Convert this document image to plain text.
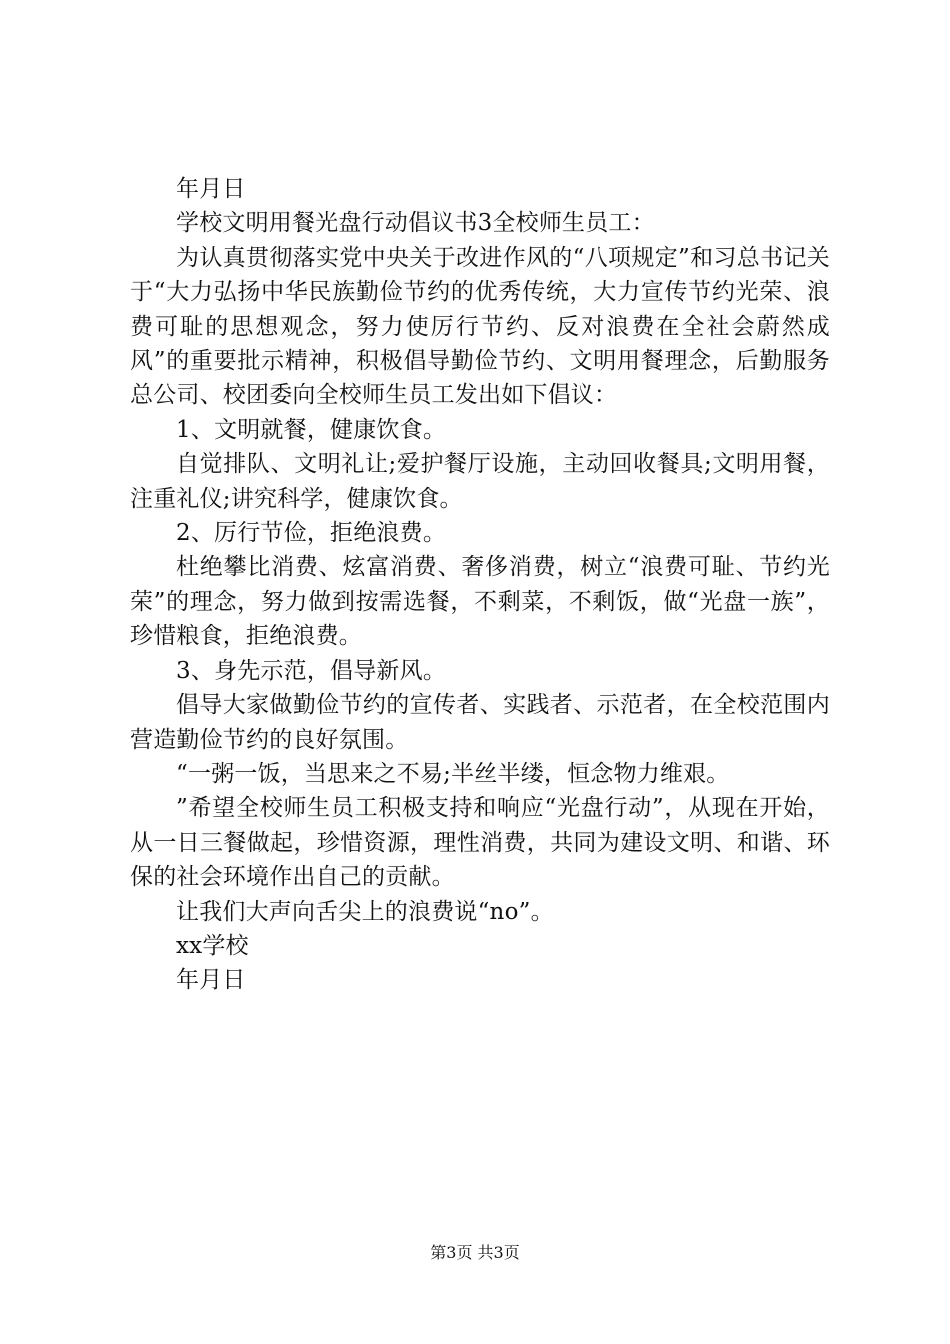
年月日

学校文明用餐光盘行动倡议书3全校师生员工：

为认真贯彻落实党中央关于改进作风的“八项规定”和习总书记关于“大力弘扬中华民族勤俭节约的优秀传统，大力宣传节约光荣、浪费可耻的思想观念，努力使厉行节约、反对浪费在全社会蔚然成风”的重要批示精神，积极倡导勤俭节约、文明用餐理念，后勤服务总公司、校团委向全校师生员工发出如下倡议：

1、文明就餐，健康饮食。

自觉排队、文明礼让;爱护餐厅设施，主动回收餐具;文明用餐，注重礼仪;讲究科学，健康饮食。

2、厉行节俭，拒绝浪费。

杜绝攀比消费、炫富消费、奢侈消费，树立“浪费可耻、节约光荣”的理念，努力做到按需选餐，不剩菜，不剩饭，做“光盘一族”，珍惜粮食，拒绝浪费。

3、身先示范，倡导新风。

倡导大家做勤俭节约的宣传者、实践者、示范者，在全校范围内营造勤俭节约的良好氛围。

“一粥一饭，当思来之不易;半丝半缕，恒念物力维艰。

”希望全校师生员工积极支持和响应“光盘行动”，从现在开始，从一日三餐做起，珍惜资源，理性消费，共同为建设文明、和谐、环保的社会环境作出自己的贡献。

让我们大声向舌尖上的浪费说“no”。

xx学校

年月日

第3页 共3页
